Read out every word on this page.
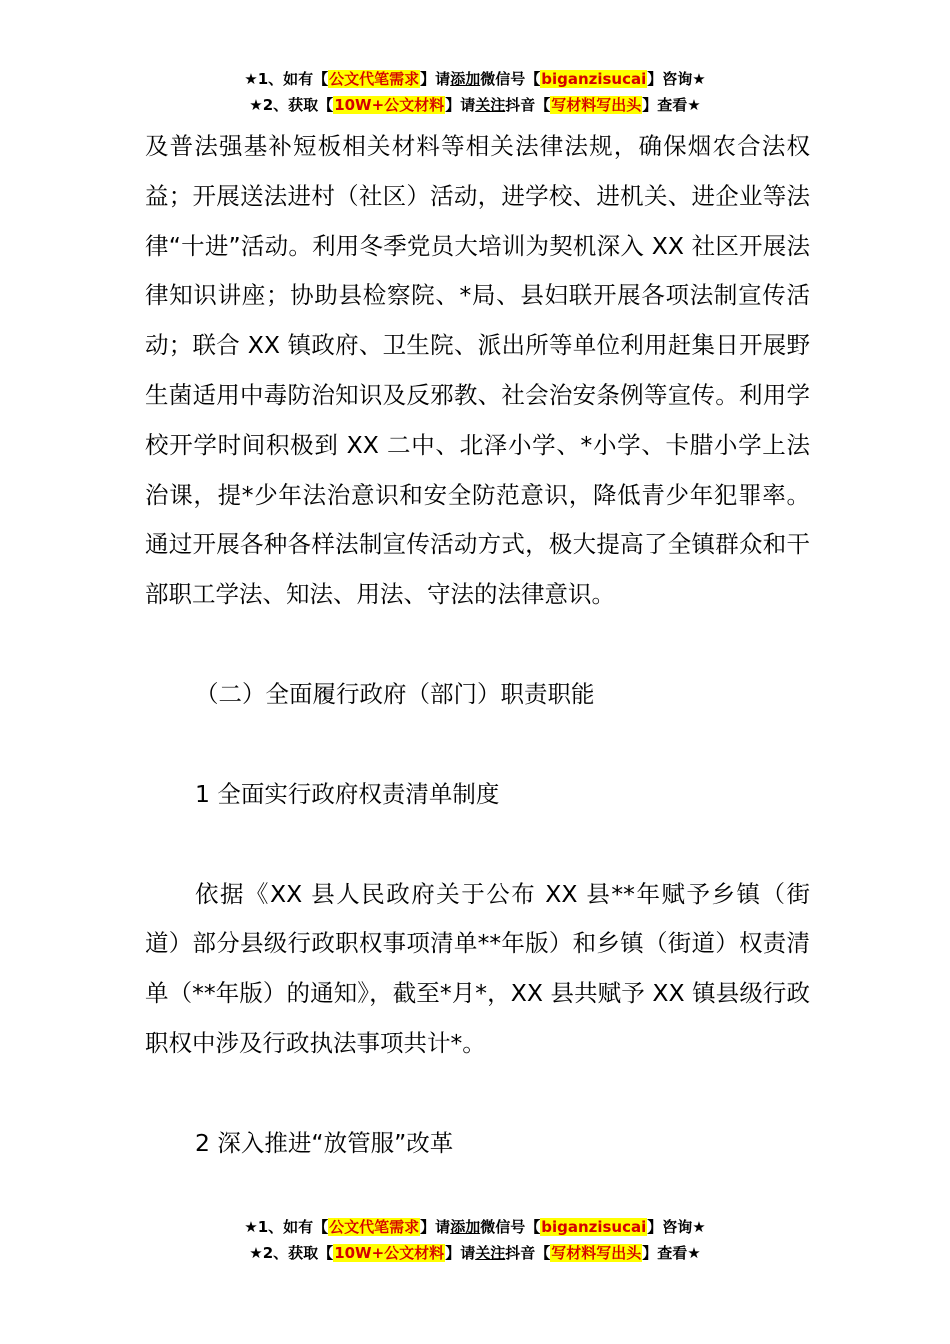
★1、如有【公文代笔需求】请添加微信号【biganzisucai】咨询★
★2、获取【10W+公文材料】请关注抖音【写材料写出头】查看★

及普法强基补短板相关材料等相关法律法规，确保烟农合法权益；开展送法进村（社区）活动，进学校、进机关、进企业等法律“十进”活动。利用冬季党员大培训为契机深入 XX 社区开展法律知识讲座；协助县检察院、*局、县妇联开展各项法制宣传活动；联合 XX 镇政府、卫生院、派出所等单位利用赶集日开展野生菌适用中毒防治知识及反邪教、社会治安条例等宣传。利用学校开学时间积极到 XX 二中、北泽小学、*小学、卡腊小学上法治课，提*少年法治意识和安全防范意识，降低青少年犯罪率。通过开展各种各样法制宣传活动方式，极大提高了全镇群众和干部职工学法、知法、用法、守法的法律意识。

（二）全面履行政府（部门）职责职能

1 全面实行政府权责清单制度

依据《XX 县人民政府关于公布 XX 县**年赋予乡镇（街道）部分县级行政职权事项清单**年版）和乡镇（街道）权责清单（**年版）的通知》，截至*月*，XX 县共赋予 XX 镇县级行政职权中涉及行政执法事项共计*。

2 深入推进“放管服”改革

★1、如有【公文代笔需求】请添加微信号【biganzisucai】咨询★
★2、获取【10W+公文材料】请关注抖音【写材料写出头】查看★
